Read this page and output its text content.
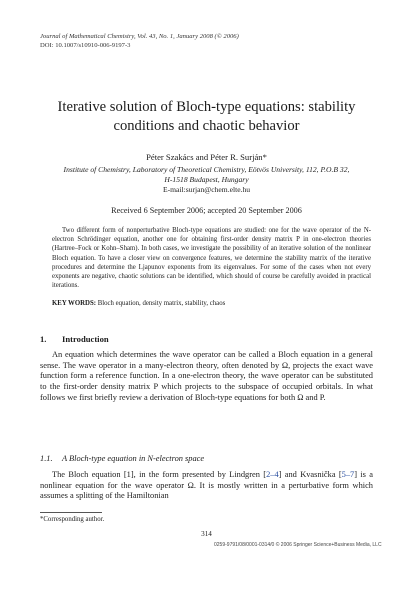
Journal of Mathematical Chemistry, Vol. 43, No. 1, January 2008 (© 2006)
DOI: 10.1007/s10910-006-9197-3
Iterative solution of Bloch-type equations: stability
conditions and chaotic behavior
Péter Szakács and Péter R. Surján*
Institute of Chemistry, Laboratory of Theoretical Chemistry, Eötvös University, 112, P.O.B 32,
H-1518 Budapest, Hungary
E-mail:surjan@chem.elte.hu
Received 6 September 2006; accepted 20 September 2006
Two different form of nonperturbative Bloch-type equations are studied: one for the wave operator of the N-electron Schrödinger equation, another one for obtaining first-order density matrix P in one-electron theories (Hartree–Fock or Kohn–Sham). In both cases, we investigate the possibility of an iterative solution of the nonlinear Bloch equation. To have a closer view on convergence features, we determine the stability matrix of the iterative procedures and determine the Ljapunov exponents from its eigenvalues. For some of the cases when not every exponents are negative, chaotic solutions can be identified, which should of course be carefully avoided in practical iterations.
KEY WORDS: Bloch equation, density matrix, stability, chaos
1. Introduction
An equation which determines the wave operator can be called a Bloch equation in a general sense. The wave operator in a many-electron theory, often denoted by Ω, projects the exact wave function form a reference function. In a one-electron theory, the wave operator can be substituted to the first-order density matrix P which projects to the subspace of occupied orbitals. In what follows we first briefly review a derivation of Bloch-type equations for both Ω and P.
1.1. A Bloch-type equation in N-electron space
The Bloch equation [1], in the form presented by Lindgren [2–4] and Kvasnička [5–7] is a nonlinear equation for the wave operator Ω. It is mostly written in a perturbative form which assumes a splitting of the Hamiltonian
*Corresponding author.
314
0259-9791/08/0001-0314/0 © 2006 Springer Science+Business Media, LLC
